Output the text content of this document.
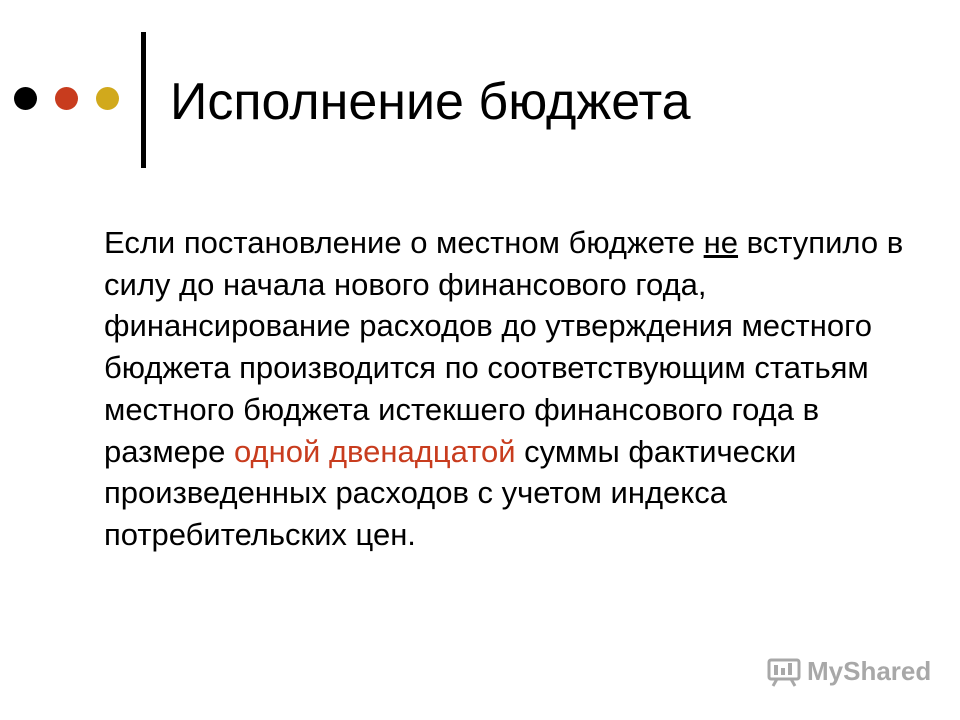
Исполнение бюджета
Если постановление о местном бюджете не вступило в силу до начала нового финансового года, финансирование расходов до утверждения местного бюджета производится по соответствующим статьям местного бюджета истекшего финансового года в размере одной двенадцатой суммы фактически произведенных расходов с учетом индекса потребительских цен.
MyShared
